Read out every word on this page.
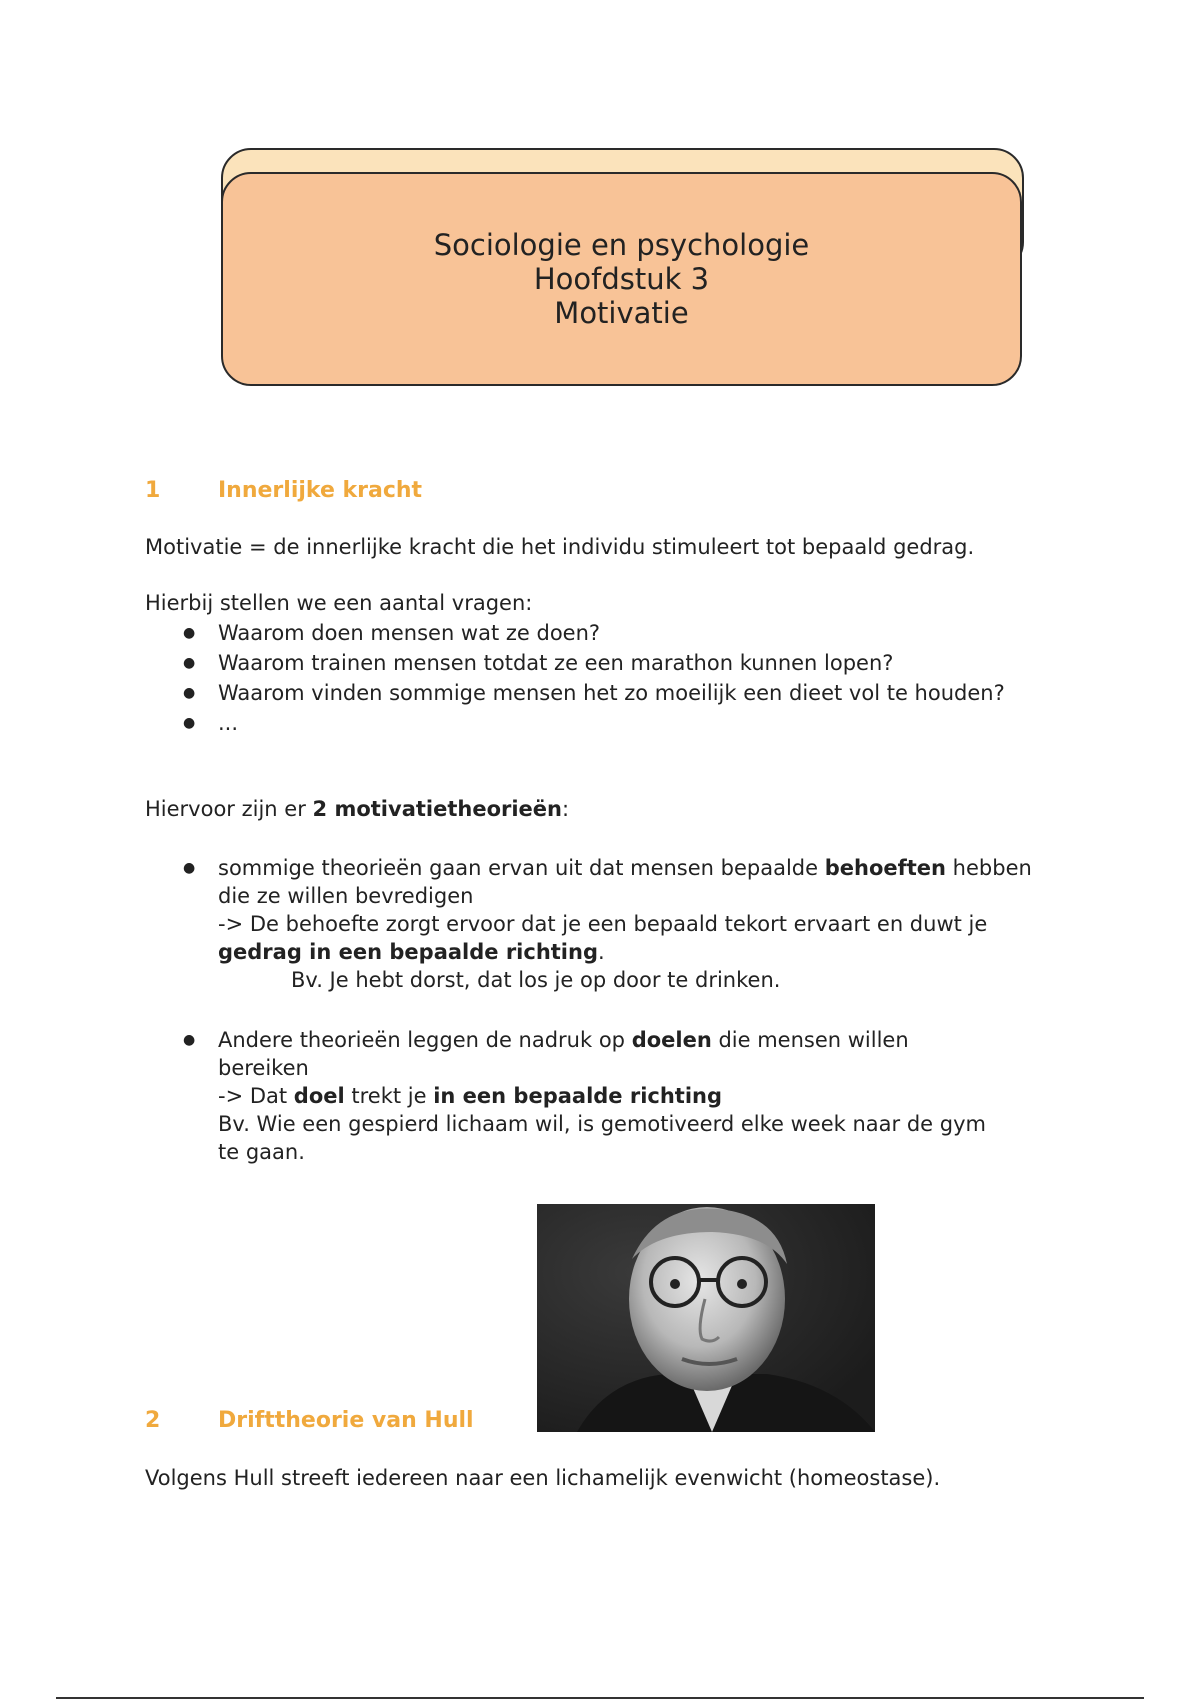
Sociologie en psychologie
Hoofdstuk 3
Motivatie
1	Innerlijke kracht
Motivatie = de innerlijke kracht die het individu stimuleert tot bepaald gedrag.
Hierbij stellen we een aantal vragen:
● Waarom doen mensen wat ze doen?
● Waarom trainen mensen totdat ze een marathon kunnen lopen?
● Waarom vinden sommige mensen het zo moeilijk een dieet vol te houden?
● ...
Hiervoor zijn er 2 motivatietheorieën:
● sommige theorieën gaan ervan uit dat mensen bepaalde behoeften hebben die ze willen bevredigen
-> De behoefte zorgt ervoor dat je een bepaald tekort ervaart en duwt je gedrag in een bepaalde richting.
Bv. Je hebt dorst, dat los je op door te drinken.
● Andere theorieën leggen de nadruk op doelen die mensen willen bereiken
-> Dat doel trekt je in een bepaalde richting
Bv. Wie een gespierd lichaam wil, is gemotiveerd elke week naar de gym te gaan.
2	Drifttheorie van Hull
Volgens Hull streeft iedereen naar een lichamelijk evenwicht (homeostase).
